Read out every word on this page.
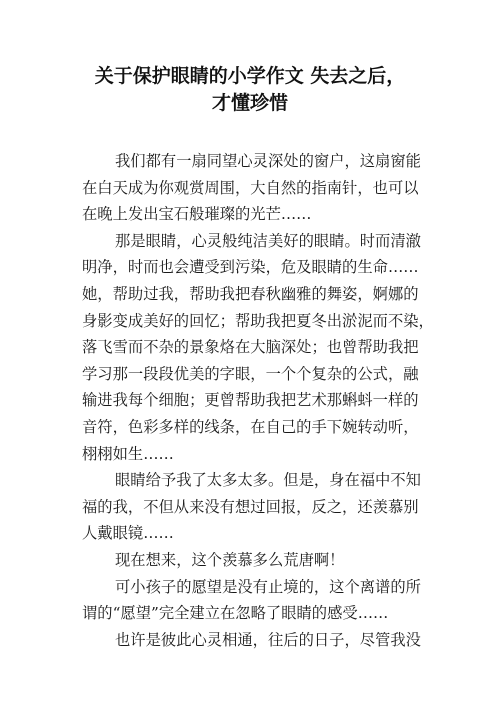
关于保护眼睛的小学作文 失去之后，
才懂珍惜
我们都有一扇同望心灵深处的窗户，这扇窗能
在白天成为你观赏周围，大自然的指南针，也可以
在晚上发出宝石般璀璨的光芒……
那是眼睛，心灵般纯洁美好的眼睛。时而清澈
明净，时而也会遭受到污染，危及眼睛的生命……
她，帮助过我，帮助我把春秋幽雅的舞姿，婀娜的
身影变成美好的回忆；帮助我把夏冬出淤泥而不染，
落飞雪而不杂的景象烙在大脑深处；也曾帮助我把
学习那一段段优美的字眼，一个个复杂的公式，融
输进我每个细胞；更曾帮助我把艺术那蝌蚪一样的
音符，色彩多样的线条，在自己的手下婉转动听，
栩栩如生……
眼睛给予我了太多太多。但是，身在福中不知
福的我，不但从来没有想过回报，反之，还羡慕别
人戴眼镜……
现在想来，这个羡慕多么荒唐啊！
可小孩子的愿望是没有止境的，这个离谱的所
谓的“愿望”完全建立在忽略了眼睛的感受……
也许是彼此心灵相通，往后的日子，尽管我没
